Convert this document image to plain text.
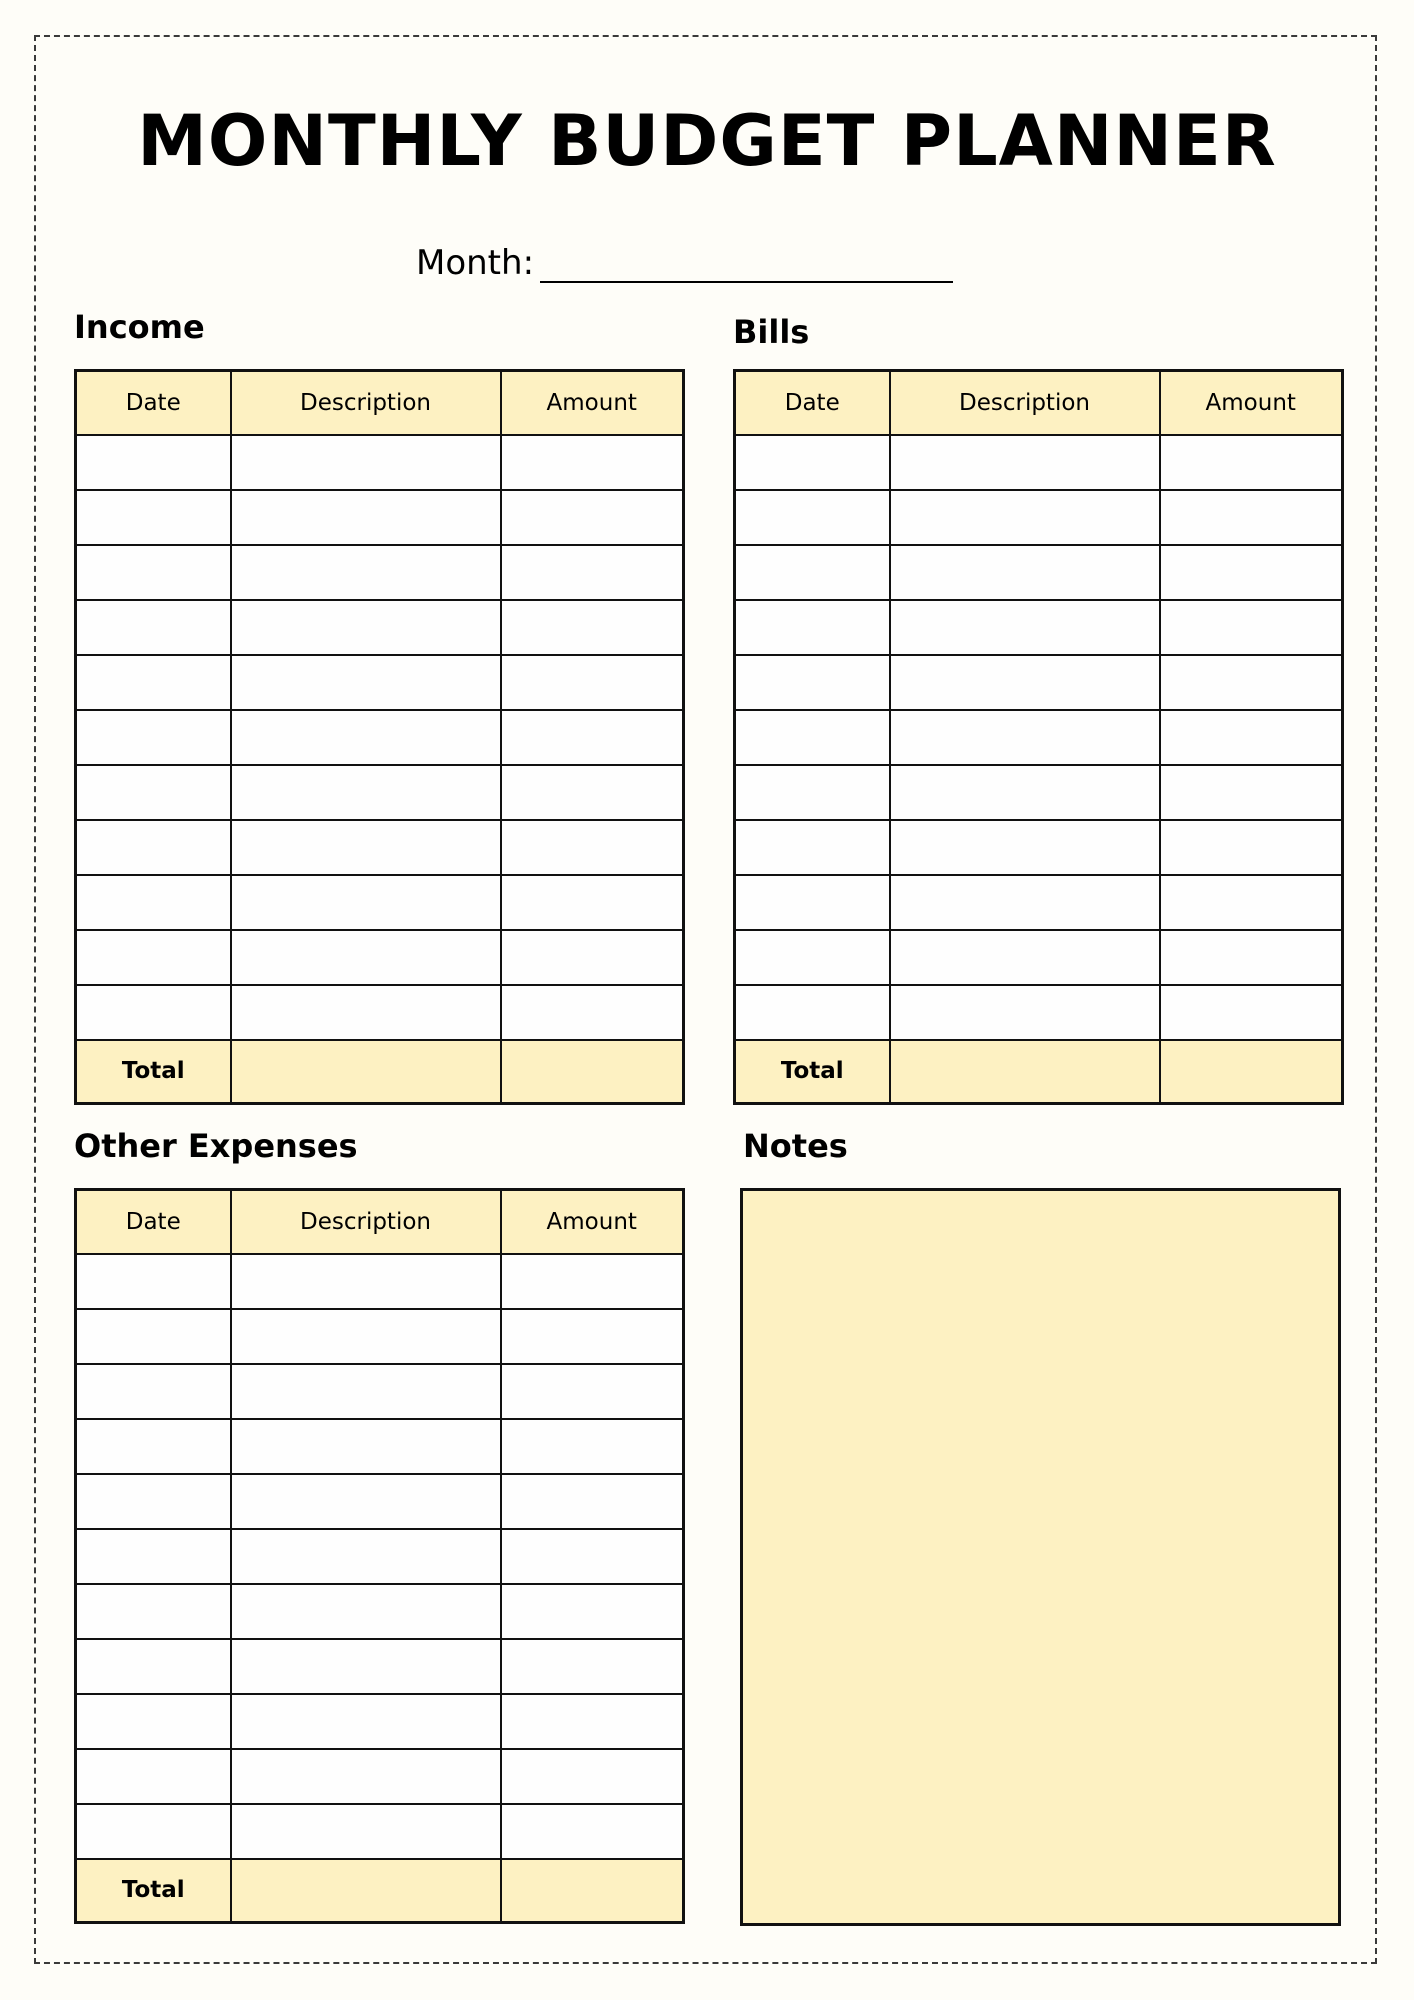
MONTHLY BUDGET PLANNER
Month:
Income
Date	Description	Amount

Total		
Bills
Date	Description	Amount

Total		
Other Expenses
Date	Description	Amount

Total		
Notes
